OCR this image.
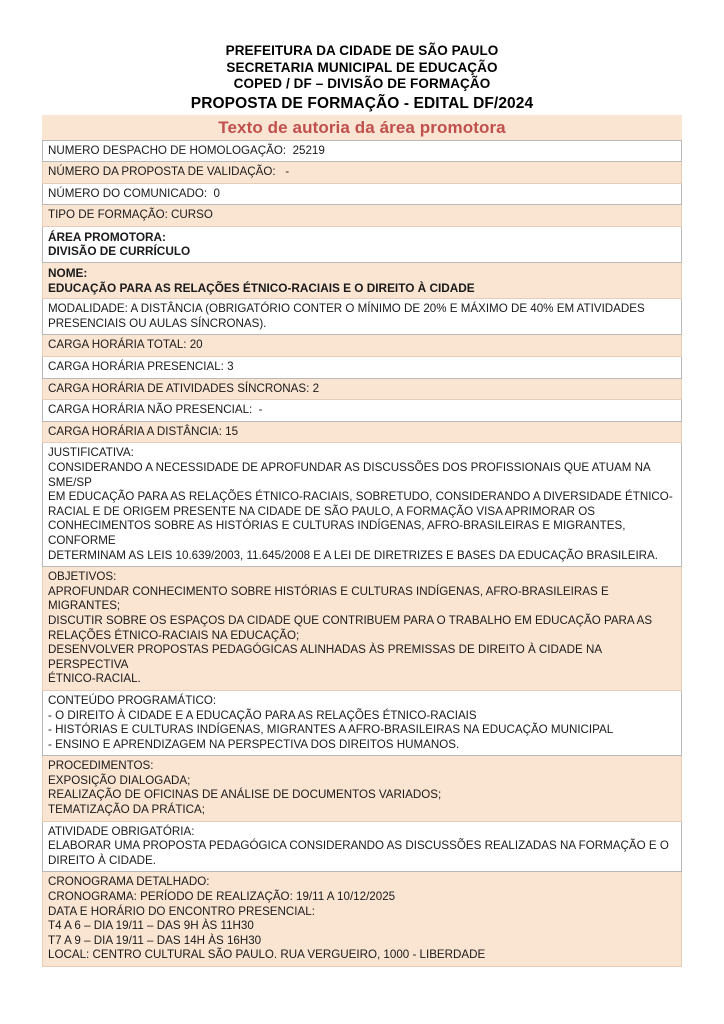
PREFEITURA DA CIDADE DE SÃO PAULO
SECRETARIA MUNICIPAL DE EDUCAÇÃO
COPED / DF – DIVISÃO DE FORMAÇÃO
PROPOSTA DE FORMAÇÃO - EDITAL DF/2024
Texto de autoria da área promotora
NUMERO DESPACHO DE HOMOLOGAÇÃO:  25219
NÚMERO DA PROPOSTA DE VALIDAÇÃO:   -
NÚMERO DO COMUNICADO:  0
TIPO DE FORMAÇÃO: CURSO
ÁREA PROMOTORA:
DIVISÃO DE CURRÍCULO
NOME:
EDUCAÇÃO PARA AS RELAÇÕES ÉTNICO-RACIAIS E O DIREITO À CIDADE
MODALIDADE: A DISTÂNCIA (OBRIGATÓRIO CONTER O MÍNIMO DE 20% E MÁXIMO DE 40% EM ATIVIDADES
PRESENCIAIS OU AULAS SÍNCRONAS).
CARGA HORÁRIA TOTAL: 20
CARGA HORÁRIA PRESENCIAL: 3
CARGA HORÁRIA DE ATIVIDADES SÍNCRONAS: 2
CARGA HORÁRIA NÃO PRESENCIAL:  -
CARGA HORÁRIA A DISTÂNCIA: 15
JUSTIFICATIVA:
CONSIDERANDO A NECESSIDADE DE APROFUNDAR AS DISCUSSÕES DOS PROFISSIONAIS QUE ATUAM NA SME/SP
EM EDUCAÇÃO PARA AS RELAÇÕES ÉTNICO-RACIAIS, SOBRETUDO, CONSIDERANDO A DIVERSIDADE ÉTNICO-
RACIAL E DE ORIGEM PRESENTE NA CIDADE DE SÃO PAULO, A FORMAÇÃO VISA APRIMORAR OS
CONHECIMENTOS SOBRE AS HISTÓRIAS E CULTURAS INDÍGENAS, AFRO-BRASILEIRAS E MIGRANTES, CONFORME
DETERMINAM AS LEIS 10.639/2003, 11.645/2008 E A LEI DE DIRETRIZES E BASES DA EDUCAÇÃO BRASILEIRA.
OBJETIVOS:
APROFUNDAR CONHECIMENTO SOBRE HISTÓRIAS E CULTURAS INDÍGENAS, AFRO-BRASILEIRAS E MIGRANTES;
DISCUTIR SOBRE OS ESPAÇOS DA CIDADE QUE CONTRIBUEM PARA O TRABALHO EM EDUCAÇÃO PARA AS
RELAÇÕES ÉTNICO-RACIAIS NA EDUCAÇÃO;
DESENVOLVER PROPOSTAS PEDAGÓGICAS ALINHADAS ÀS PREMISSAS DE DIREITO À CIDADE NA PERSPECTIVA
ÉTNICO-RACIAL.
CONTEÚDO PROGRAMÁTICO:
- O DIREITO À CIDADE E A EDUCAÇÃO PARA AS RELAÇÕES ÉTNICO-RACIAIS
- HISTÓRIAS E CULTURAS INDÍGENAS, MIGRANTES A AFRO-BRASILEIRAS NA EDUCAÇÃO MUNICIPAL
- ENSINO E APRENDIZAGEM NA PERSPECTIVA DOS DIREITOS HUMANOS.
PROCEDIMENTOS:
EXPOSIÇÃO DIALOGADA;
REALIZAÇÃO DE OFICINAS DE ANÁLISE DE DOCUMENTOS VARIADOS;
TEMATIZAÇÃO DA PRÁTICA;
ATIVIDADE OBRIGATÓRIA:
ELABORAR UMA PROPOSTA PEDAGÓGICA CONSIDERANDO AS DISCUSSÕES REALIZADAS NA FORMAÇÃO E O
DIREITO À CIDADE.
CRONOGRAMA DETALHADO:
CRONOGRAMA: PERÍODO DE REALIZAÇÃO: 19/11 A 10/12/2025
DATA E HORÁRIO DO ENCONTRO PRESENCIAL:
T4 A 6 – DIA 19/11 – DAS 9H ÀS 11H30
T7 A 9 – DIA 19/11 – DAS 14H ÀS 16H30
LOCAL: CENTRO CULTURAL SÃO PAULO. RUA VERGUEIRO, 1000 - LIBERDADE
